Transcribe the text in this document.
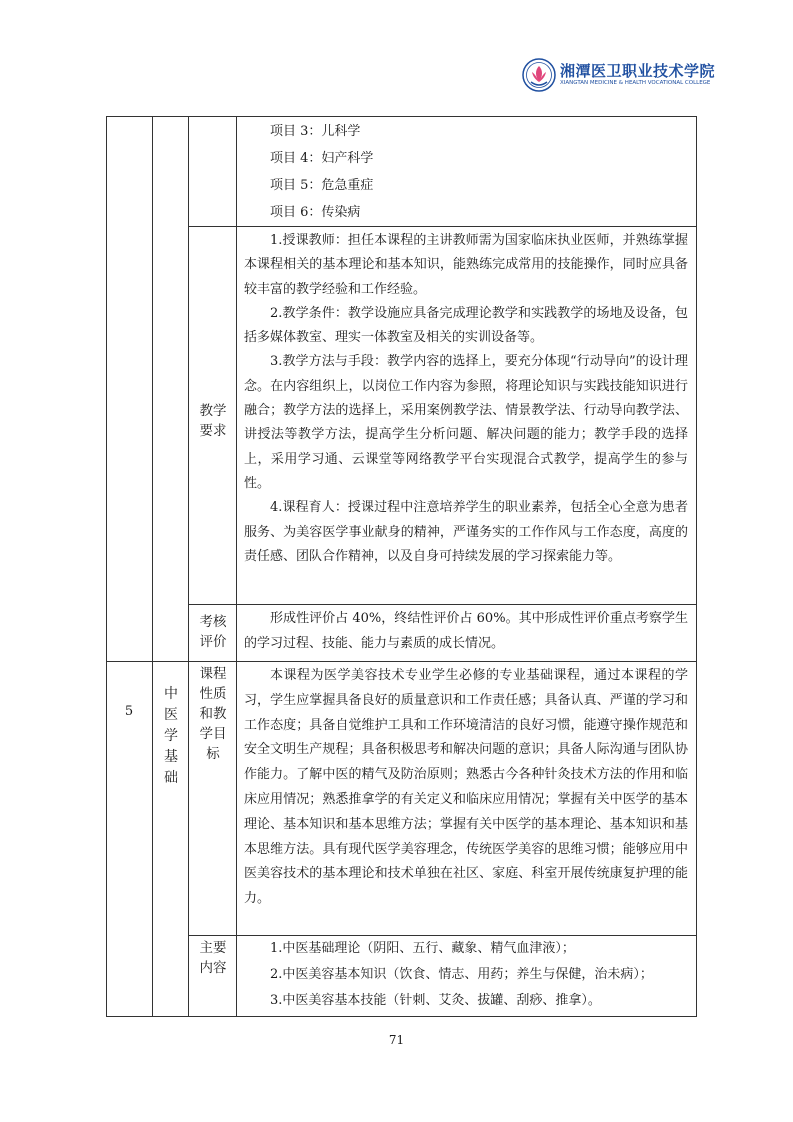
湘潭医卫职业技术学院
XIANGTAN MEDICINE & HEALTH VOCATIONAL COLLEGE

项目 3：儿科学

项目 4：妇产科学

项目 5：危急重症

项目 6：传染病

教学要求

1.授课教师：担任本课程的主讲教师需为国家临床执业医师，并熟练掌握本课程相关的基本理论和基本知识，能熟练完成常用的技能操作，同时应具备较丰富的教学经验和工作经验。

2.教学条件：教学设施应具备完成理论教学和实践教学的场地及设备，包括多媒体教室、理实一体教室及相关的实训设备等。

3.教学方法与手段：教学内容的选择上，要充分体现“行动导向”的设计理念。在内容组织上，以岗位工作内容为参照，将理论知识与实践技能知识进行融合；教学方法的选择上，采用案例教学法、情景教学法、行动导向教学法、讲授法等教学方法，提高学生分析问题、解决问题的能力；教学手段的选择上，采用学习通、云课堂等网络教学平台实现混合式教学，提高学生的参与性。

4.课程育人：授课过程中注意培养学生的职业素养，包括全心全意为患者服务、为美容医学事业献身的精神，严谨务实的工作作风与工作态度，高度的责任感、团队合作精神，以及自身可持续发展的学习探索能力等。

考核评价

形成性评价占 40%，终结性评价占 60%。其中形成性评价重点考察学生的学习过程、技能、能力与素质的成长情况。

5
中医学基础
课程性质和教学目标

本课程为医学美容技术专业学生必修的专业基础课程，通过本课程的学习，学生应掌握具备良好的质量意识和工作责任感；具备认真、严谨的学习和工作态度；具备自觉维护工具和工作环境清洁的良好习惯，能遵守操作规范和安全文明生产规程；具备积极思考和解决问题的意识；具备人际沟通与团队协作能力。了解中医的精气及防治原则；熟悉古今各种针灸技术方法的作用和临床应用情况；熟悉推拿学的有关定义和临床应用情况；掌握有关中医学的基本理论、基本知识和基本思维方法；掌握有关中医学的基本理论、基本知识和基本思维方法。具有现代医学美容理念，传统医学美容的思维习惯；能够应用中医美容技术的基本理论和技术单独在社区、家庭、科室开展传统康复护理的能力。

主要内容

1.中医基础理论（阴阳、五行、藏象、精气血津液）；

2.中医美容基本知识（饮食、情志、用药；养生与保健，治未病）；

3.中医美容基本技能（针刺、艾灸、拔罐、刮痧、推拿）。

71
